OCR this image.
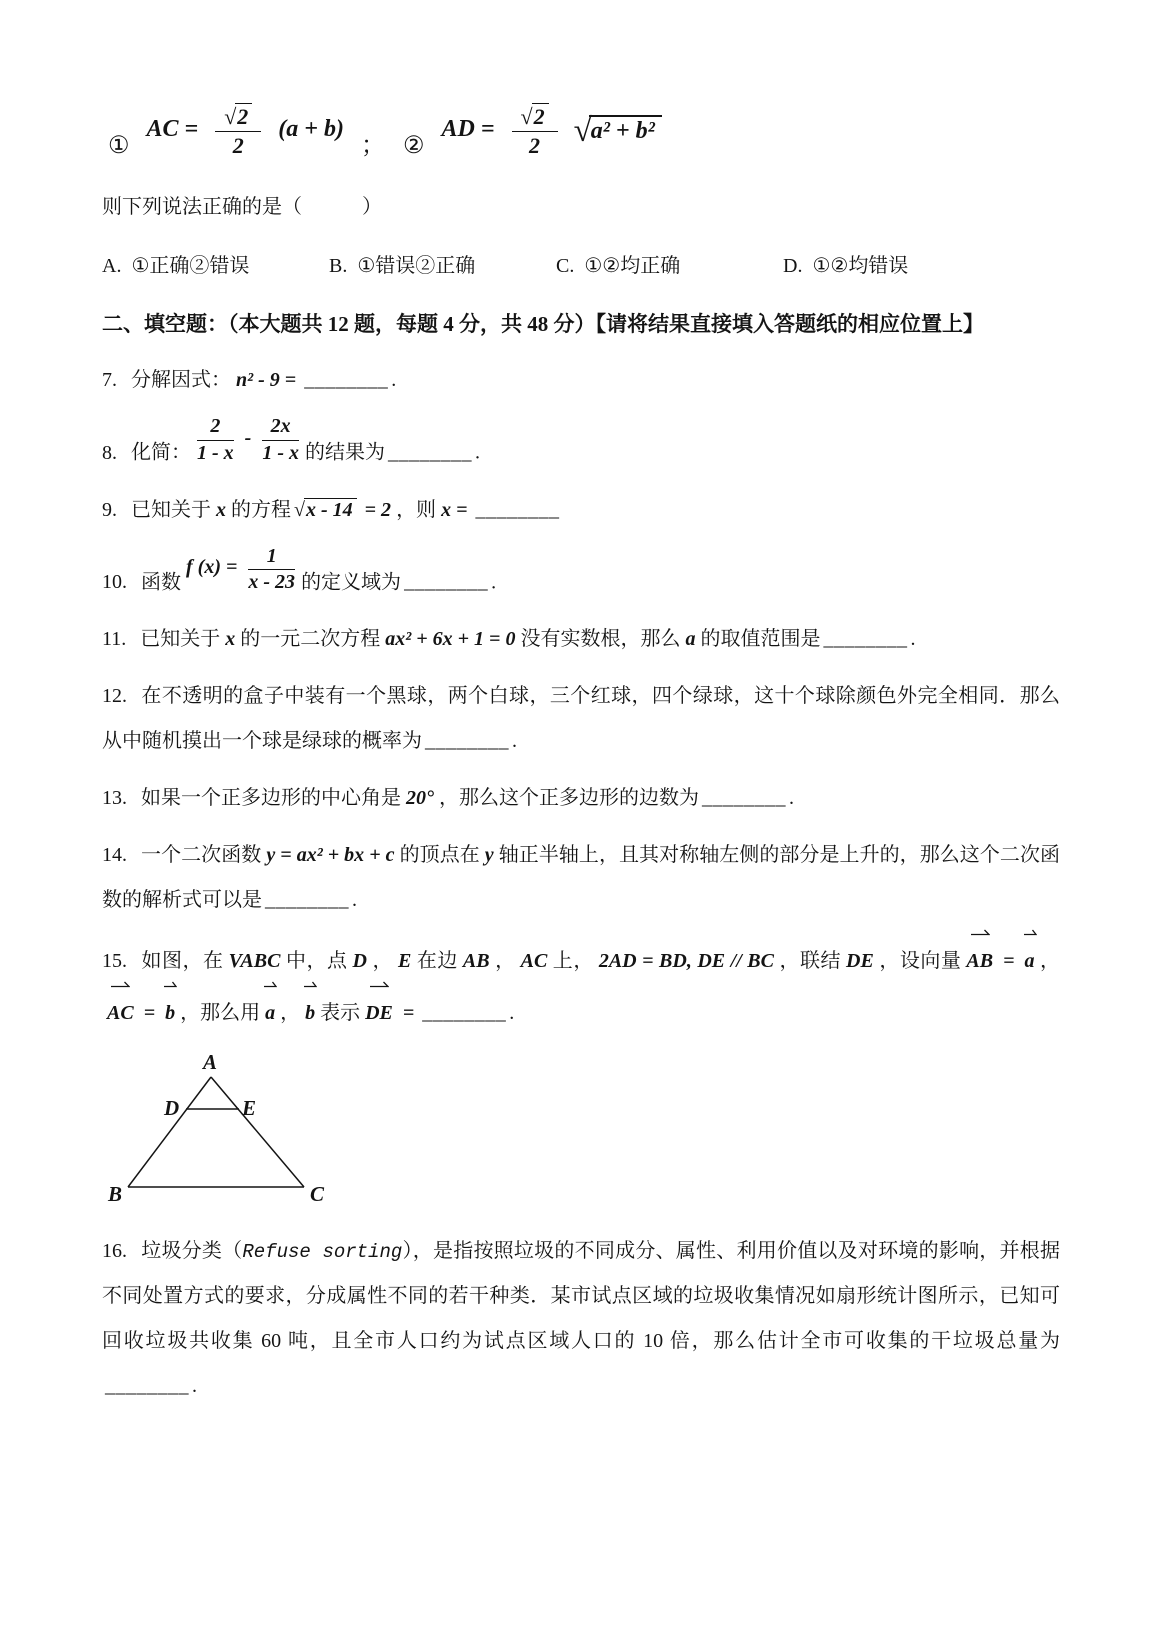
① AC = $\frac{√2}{2} (a + b)$ ； ② AD = $\frac{√2}{2}$
√ a² + b²
则下列说法正确的是（　　　）
A. ①正确②错误	B. ①错误②正确	C. ①②均正确	D. ①②均错误
二、填空题：（本大题共 12 题，每题 4 分，共 48 分）【请将结果直接填入答题纸的相应位置上】
7. 分解因式： n² - 9 = ________ .
8. 化简： $\frac{2}{1 - x} - \frac{2x}{1 - x}$ 的结果为 ________ .
9. 已知关于 x 的方程 √ x - 14 = 2 ，则 x = ________
10. 函数f $(x) = \frac{1}{x - 23}$ 的定义域为 ________ .
11. 已知关于 x 的一元二次方程 ax² + 6x + 1 = 0 没有实数根，那么 a 的取值范围是 ________ .
12. 在不透明的盒子中装有一个黑球，两个白球，三个红球，四个绿球，这十个球除颜色外完全相同．那么从中随机摸出一个球是绿球的概率为 ________ .
13. 如果一个正多边形的中心角是 20° ，那么这个正多边形的边数为 ________ .
14. 一个二次函数 y = ax² + bx + c 的顶点在 y 轴正半轴上，且其对称轴左侧的部分是上升的，那么这个二次函数的解析式可以是 ________ .
15. 如图，在 VABC 中，点 D ， E 在边 AB ， AC 上， 2AD = BD, DE // BC ，联结 DE ，设向量 AB = a ，
AC = b ，那么用 a ， b 表示 DE = ________ .
A
D	E
B	C
16. 垃圾分类（Refuse sorting），是指按照垃圾的不同成分、属性、利用价值以及对环境的影响，并根据不同处置方式的要求，分成属性不同的若干种类．某市试点区域的垃圾收集情况如扇形统计图所示，已知可回收垃圾共收集 60 吨，且全市人口约为试点区域人口的 10 倍，那么估计全市可收集的干垃圾总量为________ .
